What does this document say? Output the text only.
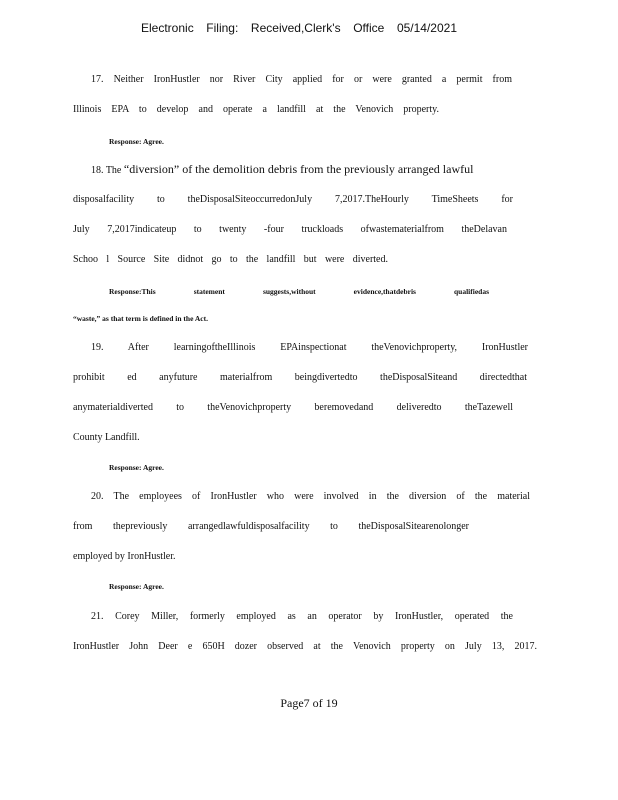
Electronic Filing: Received,Clerk's Office 05/14/2021
17. Neither IronHustler nor River City applied for or were granted a permit from
Illinois EPA to develop and operate a landfill at the Venovich property.
Response: Agree.
18. The “diversion” of the demolition debris from the previously arranged lawful
disposalfacility to theDisposalSiteoccurredonJuly 7,2017.TheHourly TimeSheets for
July 7,2017indicateup to twenty -four truckloads ofwastematerialfrom theDelavan
Schoo l Source Site didnot go to the landfill but were diverted.
Response:This statement suggests,without evidence,thatdebris qualifiedas
“waste,” as that term is defined in the Act.
19. After learningoftheIllinois EPAinspectionat theVenovichproperty, IronHustler
prohibit ed anyfuture materialfrom beingdivertedto theDisposalSiteand directedthat
anymaterialdiverted to theVenovichproperty beremovedand deliveredto theTazewell
County Landfill.
Response: Agree.
20. The employees of IronHustler who were involved in the diversion of the material
from thepreviously arrangedlawfuldisposalfacility to theDisposalSitearenolonger
employed by IronHustler.
Response: Agree.
21. Corey Miller, formerly employed as an operator by IronHustler, operated the
IronHustler John Deer e 650H dozer observed at the Venovich property on July 13, 2017.
Page7 of 19
